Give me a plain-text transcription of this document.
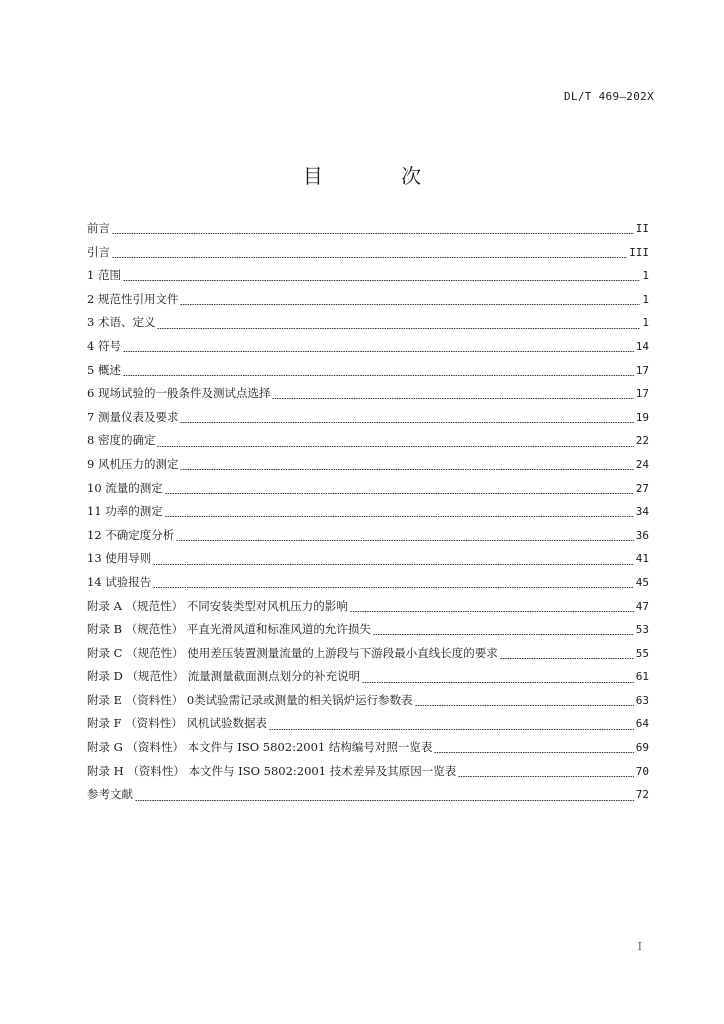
DL/T 469—202X
目 次
前言	II
引言	III
1 范围	1
2 规范性引用文件	1
3 术语、定义	1
4 符号	14
5 概述	17
6 现场试验的一般条件及测试点选择	17
7 测量仪表及要求	19
8 密度的确定	22
9 风机压力的测定	24
10 流量的测定	27
11 功率的测定	34
12 不确定度分析	36
13 使用导则	41
14 试验报告	45
附录 A （规范性） 不同安装类型对风机压力的影响	47
附录 B （规范性） 平直光滑风道和标准风道的允许损失	53
附录 C （规范性） 使用差压装置测量流量的上游段与下游段最小直线长度的要求	55
附录 D （规范性） 流量测量截面测点划分的补充说明	61
附录 E （资料性） 0类试验需记录或测量的相关锅炉运行参数表	63
附录 F （资料性） 风机试验数据表	64
附录 G （资料性） 本文件与 ISO 5802:2001 结构编号对照一览表	69
附录 H （资料性） 本文件与 ISO 5802:2001 技术差异及其原因一览表	70
参考文献	72
I
